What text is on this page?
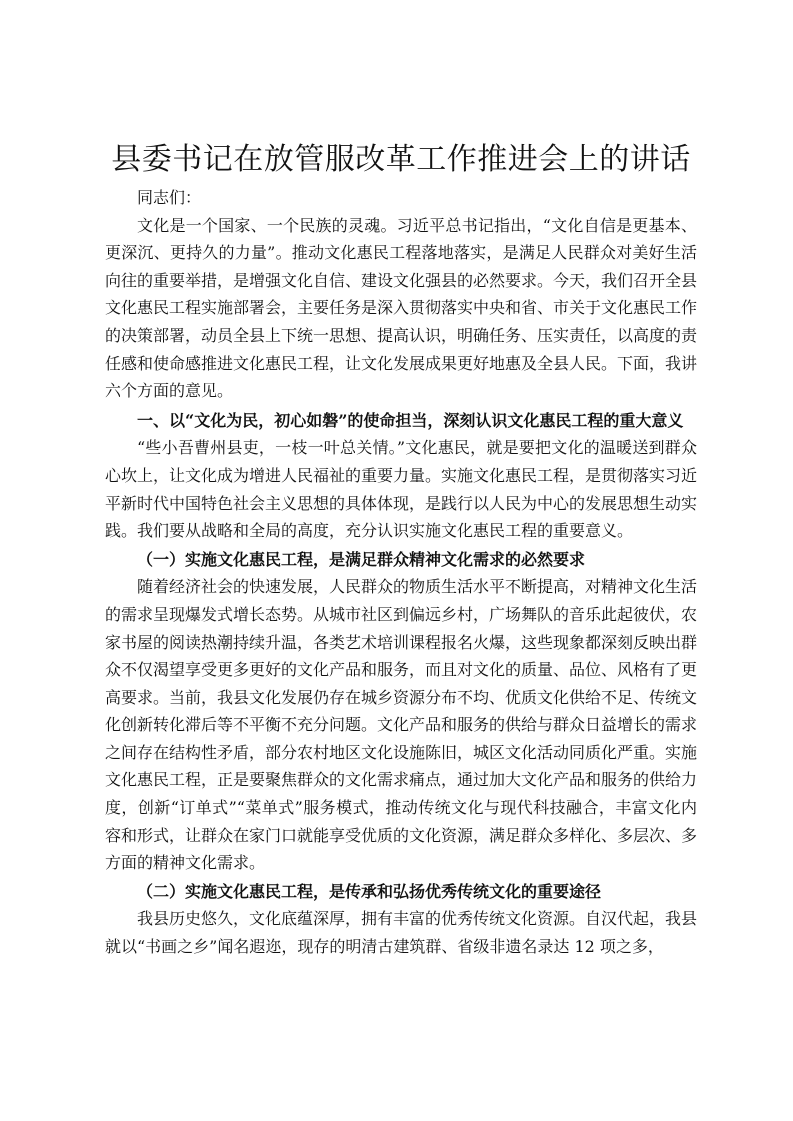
县委书记在放管服改革工作推进会上的讲话

同志们：

文化是一个国家、一个民族的灵魂。习近平总书记指出，“文化自信是更基本、更深沉、更持久的力量”。推动文化惠民工程落地落实，是满足人民群众对美好生活向往的重要举措，是增强文化自信、建设文化强县的必然要求。今天，我们召开全县文化惠民工程实施部署会，主要任务是深入贯彻落实中央和省、市关于文化惠民工作的决策部署，动员全县上下统一思想、提高认识，明确任务、压实责任，以高度的责任感和使命感推进文化惠民工程，让文化发展成果更好地惠及全县人民。下面，我讲六个方面的意见。

一、以“文化为民，初心如磐”的使命担当，深刻认识文化惠民工程的重大意义

“些小吾曹州县吏，一枝一叶总关情。”文化惠民，就是要把文化的温暖送到群众心坎上，让文化成为增进人民福祉的重要力量。实施文化惠民工程，是贯彻落实习近平新时代中国特色社会主义思想的具体体现，是践行以人民为中心的发展思想生动实践。我们要从战略和全局的高度，充分认识实施文化惠民工程的重要意义。

（一）实施文化惠民工程，是满足群众精神文化需求的必然要求

随着经济社会的快速发展，人民群众的物质生活水平不断提高，对精神文化生活的需求呈现爆发式增长态势。从城市社区到偏远乡村，广场舞队的音乐此起彼伏，农家书屋的阅读热潮持续升温，各类艺术培训课程报名火爆，这些现象都深刻反映出群众不仅渴望享受更多更好的文化产品和服务，而且对文化的质量、品位、风格有了更高要求。当前，我县文化发展仍存在城乡资源分布不均、优质文化供给不足、传统文化创新转化滞后等不平衡不充分问题。文化产品和服务的供给与群众日益增长的需求之间存在结构性矛盾，部分农村地区文化设施陈旧，城区文化活动同质化严重。实施文化惠民工程，正是要聚焦群众的文化需求痛点，通过加大文化产品和服务的供给力度，创新“订单式”“菜单式”服务模式，推动传统文化与现代科技融合，丰富文化内容和形式，让群众在家门口就能享受优质的文化资源，满足群众多样化、多层次、多方面的精神文化需求。

（二）实施文化惠民工程，是传承和弘扬优秀传统文化的重要途径

我县历史悠久，文化底蕴深厚，拥有丰富的优秀传统文化资源。自汉代起，我县就以“书画之乡”闻名遐迩，现存的明清古建筑群、省级非遗名录达 12 项之多，
